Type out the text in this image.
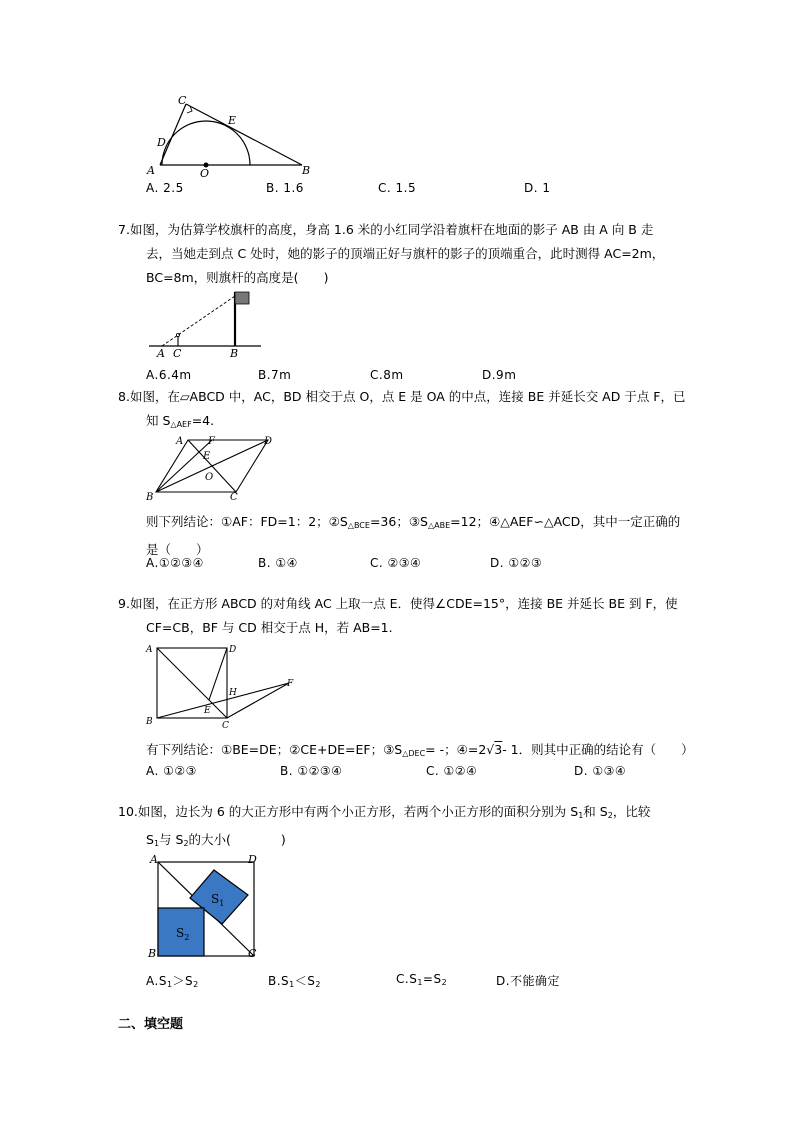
C
D
E
A	O	B
A. 2.5	B. 1.6	C. 1.5	D. 1
7.如图，为估算学校旗杆的高度，身高 1.6 米的小红同学沿着旗杆在地面的影子 AB 由 A 向 B 走
去，当她走到点 C 处时，她的影子的顶端正好与旗杆的影子的顶端重合，此时测得 AC=2m，
BC=8m，则旗杆的高度是(　　)
A C	B
A.6.4m	B.7m	C.8m	D.9m
8.如图，在▱ABCD 中，AC，BD 相交于点 O，点 E 是 OA 的中点，连接 BE 并延长交 AD 于点 F，已
知 $S_{\triangle AEF}=4$.
A F	D
E
O
B	C
则下列结论：①AF：FD=1：2；$②S_{\triangle BCE}=36$；$③S_{\triangle ABE}=12$；④△AEF∽△ACD，其中一定正确的
是（　　）
A.①②③④	B. ①④	C. ②③④	D. ①②③
9.如图，在正方形 ABCD 的对角线 AC 上取一点 E．使得∠CDE=15°，连接 BE 并延长 BE 到 F，使
CF=CB，BF 与 CD 相交于点 H，若 AB=1.
A	D
H
F
B
E
C
有下列结论：①BE=DE；②CE+DE=EF；$③S_{\triangle DEC}=$ -；④=2√3- 1．则其中正确的结论有（　　）
A. ①②③	B. ①②③④	C. ①②④	D. ①③④
10.如图，边长为 6 的大正方形中有两个小正方形，若两个小正方形的面积分别为 $S_1$和 $S_2$，比较
$S_1$与 $S_2$的大小(　　　　)
A	D
B	C
$S_1$
$S_2$
$A.S_1>S_2$	$B.S_1<S_2$	$C.S_1=S_2$	D.不能确定
二、填空题
